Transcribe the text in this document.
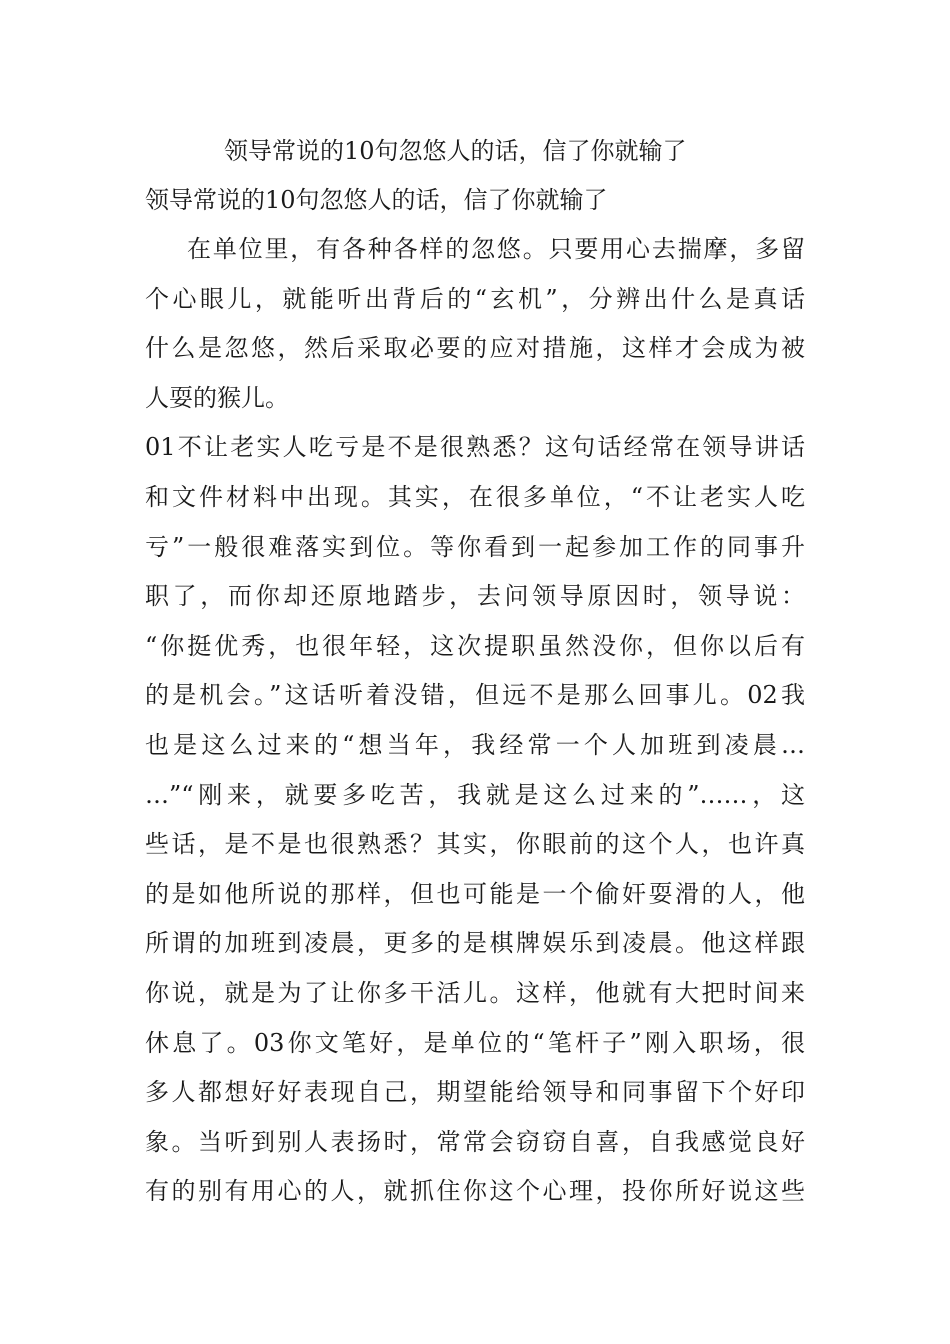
领导常说的10句忽悠人的话，信了你就输了
领导常说的10句忽悠人的话，信了你就输了
在单位里，有各种各样的忽悠。只要用心去揣摩，多留
个心眼儿，就能听出背后的“玄机”，分辨出什么是真话
什么是忽悠，然后采取必要的应对措施，这样才会成为被
人耍的猴儿。
01不让老实人吃亏是不是很熟悉？这句话经常在领导讲话
和文件材料中出现。其实，在很多单位，“不让老实人吃
亏”一般很难落实到位。等你看到一起参加工作的同事升
职了，而你却还原地踏步，去问领导原因时，领导说：
“你挺优秀，也很年轻，这次提职虽然没你，但你以后有
的是机会。”这话听着没错，但远不是那么回事儿。02我
也是这么过来的“想当年，我经常一个人加班到凌晨…
…”“刚来，就要多吃苦，我就是这么过来的”……，这
些话，是不是也很熟悉？其实，你眼前的这个人，也许真
的是如他所说的那样，但也可能是一个偷奸耍滑的人，他
所谓的加班到凌晨，更多的是棋牌娱乐到凌晨。他这样跟
你说，就是为了让你多干活儿。这样，他就有大把时间来
休息了。03你文笔好，是单位的“笔杆子”刚入职场，很
多人都想好好表现自己，期望能给领导和同事留下个好印
象。当听到别人表扬时，常常会窃窃自喜，自我感觉良好
有的别有用心的人，就抓住你这个心理，投你所好说这些
